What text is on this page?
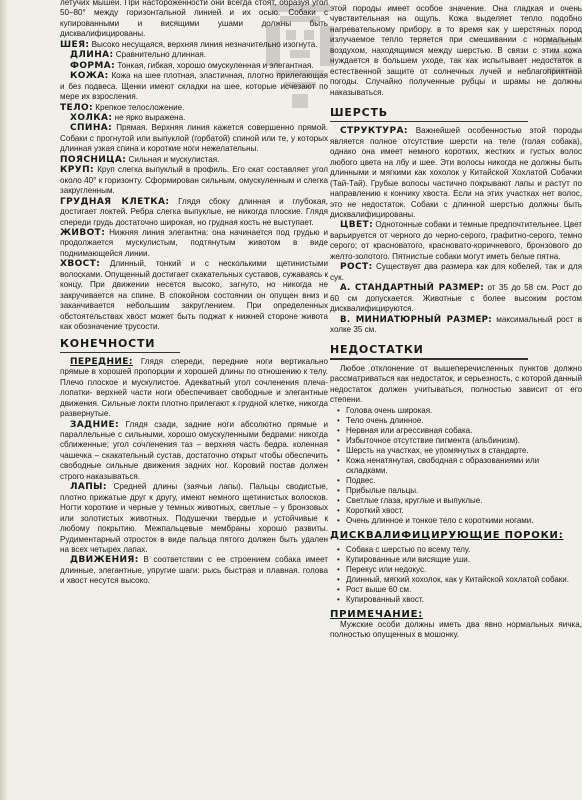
летучих мышей. При настороженности они всегда стоят, образуя угол 50–80° между горизонтальной линией и их осью. Собаки с купированными и висящими ушами должны быть дисквалифицированы.

ШЕЯ: Высоко несущаяся, верхняя линия незначительно изогнута.

ДЛИНА: Сравнительно длинная.

ФОРМА: Тонкая, гибкая, хорошо омускуленная и элегантная.

КОЖА: Кожа на шее плотная, эластичная, плотно прилегающая и без подвеса. Щенки имеют складки на шее, которые исчезают по мере их взросления.

ТЕЛО: Крепкое телосложение.

ХОЛКА: не ярко выражена.

СПИНА: Прямая. Верхняя линия кажется совершенно прямой. Собаки с прогнутой или выпуклой (горбатой) спиной или те, у которых длинная узкая спина и короткие ноги нежелательны.

ПОЯСНИЦА: Сильная и мускулистая.

КРУП: Круп слегка выпуклый в профиль. Его скат составляет угол около 40° к горизонту. Сформирован сильным, омускуленным и слегка закругленным.

ГРУДНАЯ КЛЕТКА: Глядя сбоку длинная и глубокая, достигает локтей. Ребра слегка выпуклые, не никогда плоские. Глядя спереди грудь достаточно широкая, но грудная кость не выступает.

ЖИВОТ: Нижняя линия элегантна: она начинается под грудью и продолжается мускулистым, подтянутым животом в виде поднимающейся линии.

ХВОСТ: Длинный, тонкий и с несколькими щетинистыми волосками. Опущенный достигает скакательных суставов, сужаваясь к концу. При движении несется высоко, загнуто, но никогда не закручивается на спине. В спокойном состоянии он опущен вниз и заканчивается небольшим закруглением. При определенных обстоятельствах хвост может быть поджат к нижней стороне живота как обозначение трусости.

КОНЕЧНОСТИ

ПЕРЕДНИЕ: Глядя спереди, передние ноги вертикально прямые в хорошей пропорции и хорошей длины по отношению к телу. Плечо плоское и мускулистое. Адекватный угол сочленения плеча-лопатки- верхней части ноги обеспечивает свободные и элегантные движения. Сильные локти плотно прилегают к грудной клетке, никогда развернутые.

ЗАДНИЕ: Глядя сзади, задние ноги абсолютно прямые и параллельные с сильными, хорошо омускуленными бедрами: никогда сближенные; угол сочленения таз – верхняя часть бедра. коленная чашечка – скакательный сустав, достаточно открыт чтобы обеспечить свободные сильные движения задних ног. Коровий постав должен строго наказываться.

ЛАПЫ: Средней длины (заячьи лапы). Пальцы сводистые, плотно прижатые друг к другу, имеют немного щетинистых волосков. Ногти короткие и черные у темных животных, светлые – у бронзовых или золотистых животных. Подушечки твердые и устойчивые к любому покрытию. Межпальцевые мембраны хорошо развиты. Рудиментарный отросток в виде пальца пятого должен быть удален на всех четырех лапах.

ДВИЖЕНИЯ: В соответствии с ее строением собака имеет длинные, элегантные, упругие шаги: рысь быстрая и плавная. голова и хвост несутся высоко.

этой породы имеет особое значение. Она гладкая и очень чувствительная на ощупь. Кожа выделяет тепло подобно нагревательному прибору. в то время как у шерстяных пород излучаемое тепло теряется при смешивании с нормальным воздухом, находящимся между шерстью. В связи с этим кожа нуждается в большем уходе, так как испытывает недостаток в естественной защите от солнечных лучей и неблагоприятной погоды. Случайно полученные рубцы и шрамы не должны наказываться.

ШЕРСТЬ

СТРУКТУРА: Важнейшей особенностью этой породы является полное отсутствие шерсти на теле (голая собака), однако она имеет немного коротких, жестких и густых волос любого цвета на лбу и шее. Эти волосы никогда не должны быть длинными и мягкими как хохолок у Китайской Хохлатой Собачки (Тай-Тай). Грубые волосы частично покрывают лапы и растут по направлению к кончику хвоста. Если на этих участках нет волос, это не недостаток. Собаки с длинной шерстью должны быть дисквалифицированы.

ЦВЕТ: Однотонные собаки и темные предпочтительнее. Цвет варьируется от черного до черно-серого, графитно-серого, темно серого; от красноватого, красновато-коричневого, бронзового до желто-золотого. Пятнистые собаки могут иметь белые пятна.

РОСТ: Существует два размера как для кобелей, так и для сук.

А. СТАНДАРТНЫЙ РАЗМЕР: от 35 до 58 см. Рост до 60 см допускается. Животные с более высоким ростом дисквалифицируются.

В. МИНИАТЮРНЫЙ РАЗМЕР: максимальный рост в холке 35 см.

НЕДОСТАТКИ

Любое отклонение от вышеперечисленных пунктов должно рассматриваться как недостаток, и серьезность, с которой данный недостаток должен учитываться, полностью зависит от его степени.

• Голова очень широкая.
• Тело очень длинное.
• Нервная или агрессивная собака.
• Избыточное отсутствие пигмента (альбинизм).
• Шерсть на участках, не упомянутых в стандарте.
• Кожа ненатянутая, свободная с образованиями или складками.
• Подвес.
• Прибылые пальцы.
• Светлые глаза, круглые и выпуклые.
• Короткий хвост.
• Очень длинное и тонкое тело с короткими ногами.

ДИСКВАЛИФИЦИРУЮЩИЕ ПОРОКИ:

• Собака с шерстью по всему телу.
• Купированные или висящие уши.
• Перекус или недокус.
• Длинный, мягкий хохолок, как у Китайской хохлатой собаки.
• Рост выше 60 см.
• Купированный хвост.

ПРИМЕЧАНИЕ:

Мужские особи должны иметь два явно нормальных яичка, полностью опущенных в мошонку.
